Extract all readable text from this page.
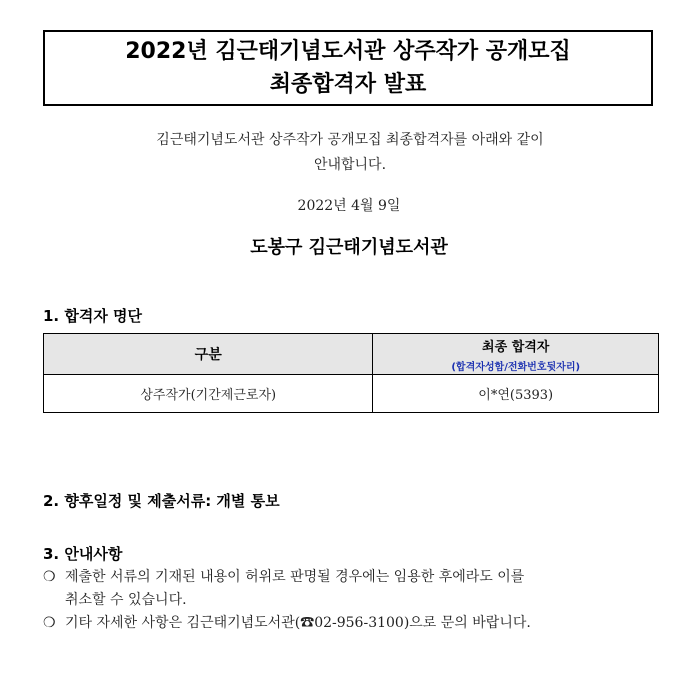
2022년 김근태기념도서관 상주작가 공개모집
최종합격자 발표
김근태기념도서관 상주작가 공개모집 최종합격자를 아래와 같이
안내합니다.
2022년 4월 9일
도봉구 김근태기념도서관
1. 합격자 명단
구분	최종 합격자
(합격자성함/전화번호뒷자리)

상주작가(기간제근로자)	이*연(5393)
2. 향후일정 및 제출서류: 개별 통보
3. 안내사항
❍ 제출한 서류의 기재된 내용이 허위로 판명될 경우에는 임용한 후에라도 이를
취소할 수 있습니다.
❍ 기타 자세한 사항은 김근태기념도서관(☎02-956-3100)으로 문의 바랍니다.
